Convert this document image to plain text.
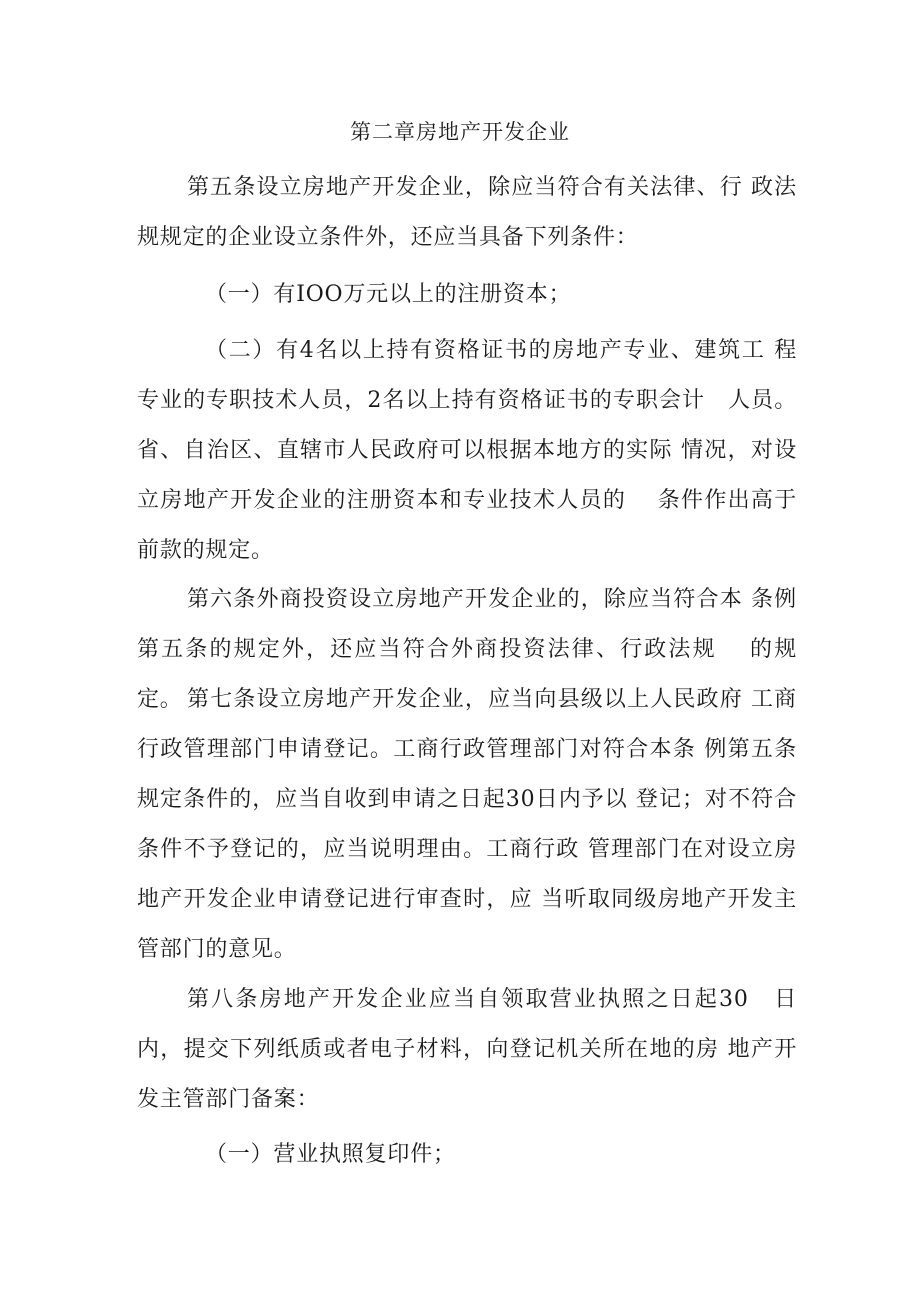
第二章房地产开发企业

第五条设立房地产开发企业，除应当符合有关法律、行 政法规规定的企业设立条件外，还应当具备下列条件：

（一）有IOO万元以上的注册资本；

（二）有4名以上持有资格证书的房地产专业、建筑工 程专业的专职技术人员，2名以上持有资格证书的专职会计　人员。省、自治区、直辖市人民政府可以根据本地方的实际 情况，对设立房地产开发企业的注册资本和专业技术人员的　 条件作出高于前款的规定。

第六条外商投资设立房地产开发企业的，除应当符合本 条例第五条的规定外，还应当符合外商投资法律、行政法规　 的规定。 第七条设立房地产开发企业，应当向县级以上人民政府 工商行政管理部门申请登记。工商行政管理部门对符合本条 例第五条规定条件的，应当自收到申请之日起30日内予以 登记；对不符合条件不予登记的，应当说明理由。工商行政 管理部门在对设立房地产开发企业申请登记进行审查时，应 当听取同级房地产开发主管部门的意见。

第八条房地产开发企业应当自领取营业执照之日起30　日内，提交下列纸质或者电子材料，向登记机关所在地的房 地产开发主管部门备案：

（一）营业执照复印件；
